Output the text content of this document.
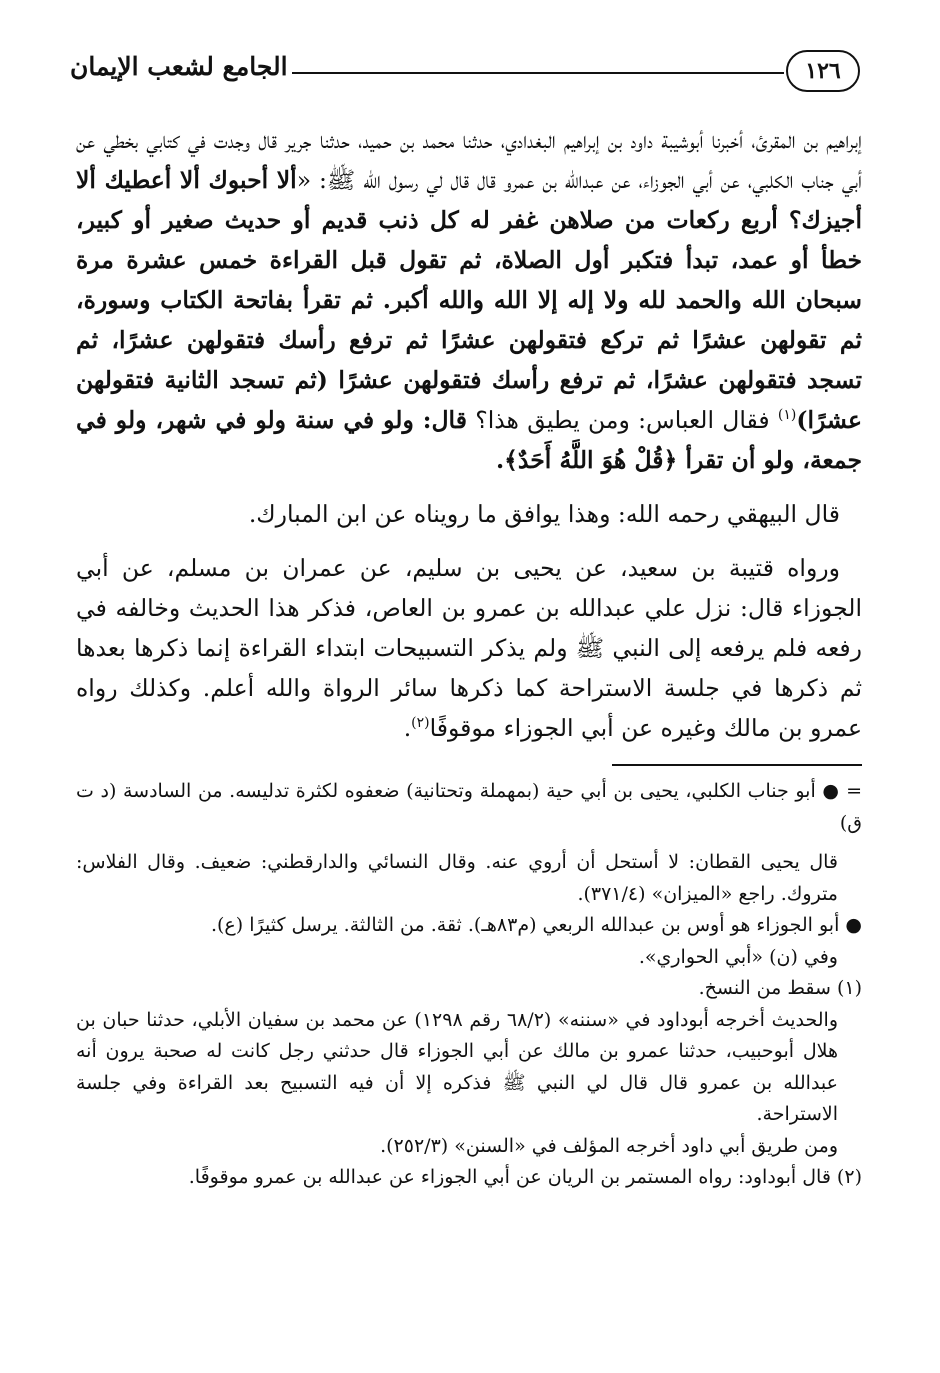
١٢٦
الجامع لشعب الإيمان

إبراهيم بن المقرئ، أخبرنا أبوشيبة داود بن إبراهيم البغدادي، حدثنا محمد بن حميد، حدثنا جرير قال وجدت في كتابي بخطي عن أبي جناب الكلبي، عن أبي الجوزاء، عن عبدالله بن عمرو قال قال لي رسول الله ﷺ: «ألا أحبوك ألا أعطيك ألا أجيزك؟ أربع ركعات من صلاهن غفر له كل ذنب قديم أو حديث صغير أو كبير، خطأ أو عمد، تبدأ فتكبر أول الصلاة، ثم تقول قبل القراءة خمس عشرة مرة سبحان الله والحمد لله ولا إله إلا الله والله أكبر. ثم تقرأ بفاتحة الكتاب وسورة، ثم تقولهن عشرًا ثم تركع فتقولهن عشرًا ثم ترفع رأسك فتقولهن عشرًا، ثم تسجد فتقولهن عشرًا، ثم ترفع رأسك فتقولهن عشرًا (ثم تسجد الثانية فتقولهن عشرًا)$^{(١)}$ فقال العباس: ومن يطيق هذا؟ قال: ولو في سنة ولو في شهر، ولو في جمعة، ولو أن تقرأ ﴿قُلْ هُوَ اللَّهُ أَحَدٌ﴾.

قال البيهقي رحمه الله: وهذا يوافق ما رويناه عن ابن المبارك.

ورواه قتيبة بن سعيد، عن يحيى بن سليم، عن عمران بن مسلم، عن أبي الجوزاء قال: نزل علي عبدالله بن عمرو بن العاص، فذكر هذا الحديث وخالفه في رفعه فلم يرفعه إلى النبي ﷺ ولم يذكر التسبيحات ابتداء القراءة إنما ذكرها بعدها ثم ذكرها في جلسة الاستراحة كما ذكرها سائر الرواة والله أعلم. وكذلك رواه عمرو بن مالك وغيره عن أبي الجوزاء موقوفًا$^{(٢)}$.

= ● أبو جناب الكلبي، يحيى بن أبي حية (بمهملة وتحتانية) ضعفوه لكثرة تدليسه. من السادسة (د ت ق)

قال يحيى القطان: لا أستحل أن أروي عنه. وقال النسائي والدارقطني: ضعيف. وقال الفلاس: متروك. راجع «الميزان» (٣٧١/٤).

● أبو الجوزاء هو أوس بن عبدالله الربعي (م٨٣هـ). ثقة. من الثالثة. يرسل كثيرًا (ع).

وفي (ن) «أبي الحواري».

(١) سقط من النسخ.

والحديث أخرجه أبوداود في «سننه» (٦٨/٢ رقم ١٢٩٨) عن محمد بن سفيان الأبلي، حدثنا حبان بن هلال أبوحبيب، حدثنا عمرو بن مالك عن أبي الجوزاء قال حدثني رجل كانت له صحبة يرون أنه عبدالله بن عمرو قال قال لي النبي ﷺ فذكره إلا أن فيه التسبيح بعد القراءة وفي جلسة الاستراحة.

ومن طريق أبي داود أخرجه المؤلف في «السنن» (٢٥٢/٣).

(٢) قال أبوداود: رواه المستمر بن الريان عن أبي الجوزاء عن عبدالله بن عمرو موقوفًا.
